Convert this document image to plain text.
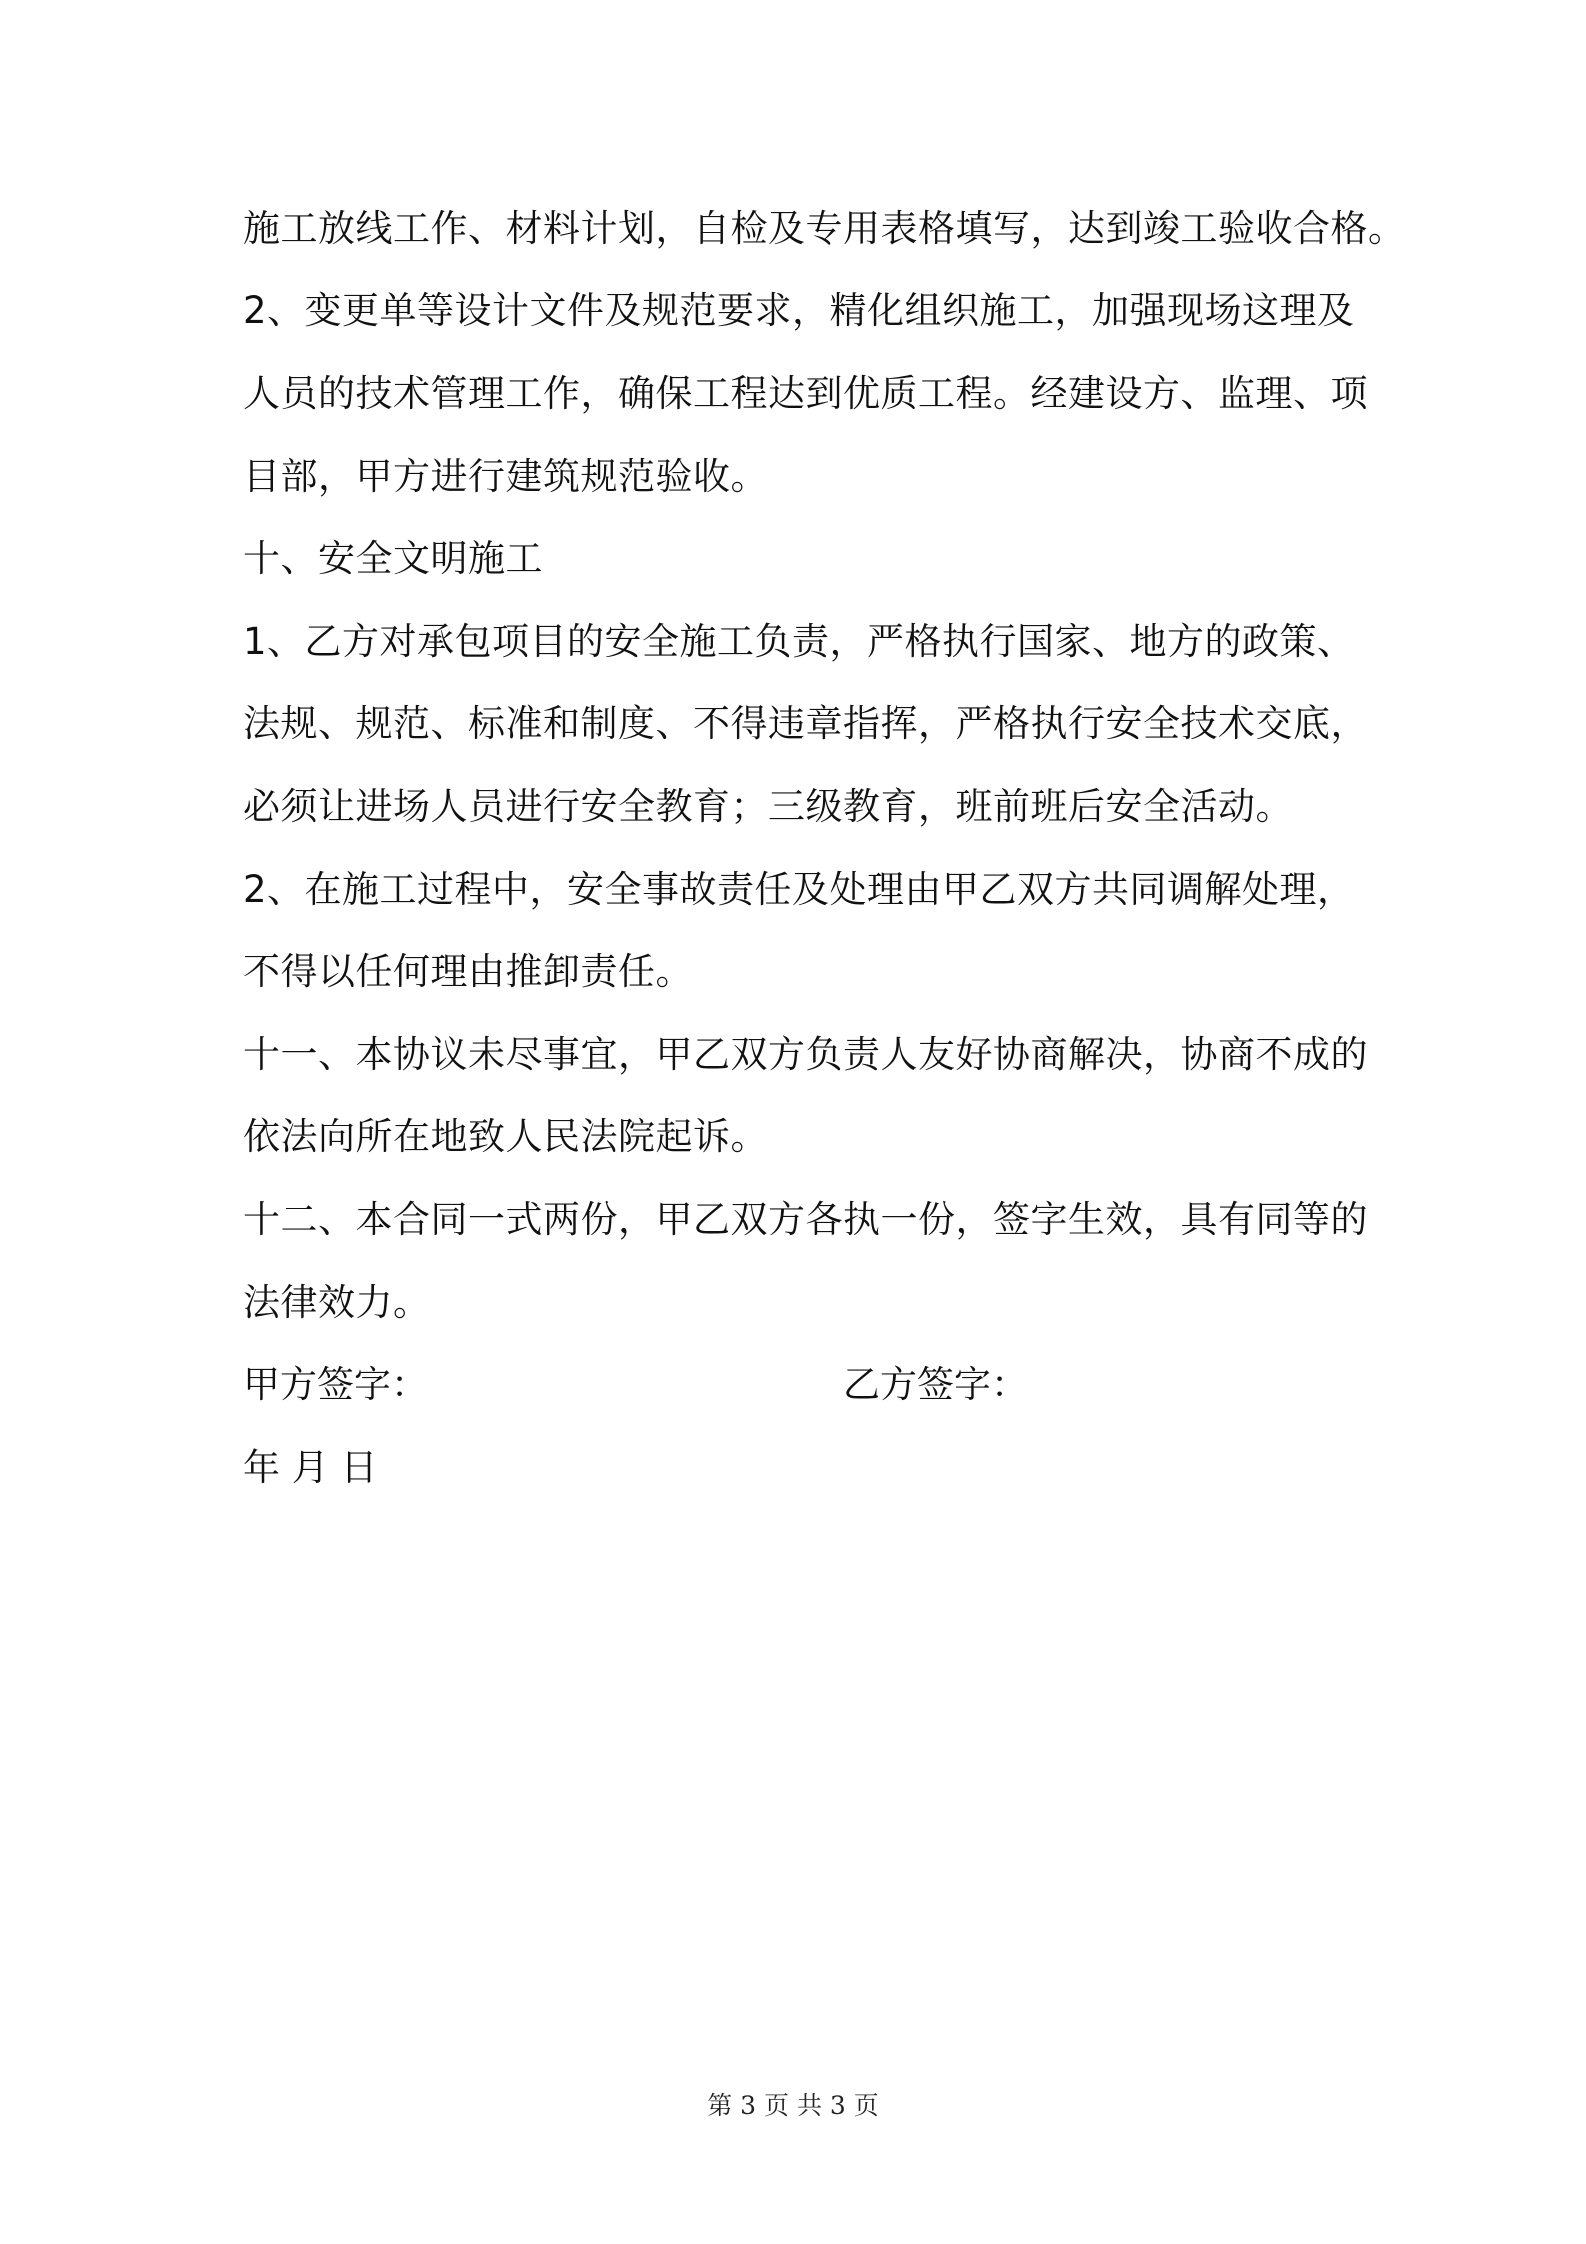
施工放线工作、材料计划，自检及专用表格填写，达到竣工验收合格。
2、变更单等设计文件及规范要求，精化组织施工，加强现场这理及
人员的技术管理工作，确保工程达到优质工程。经建设方、监理、项
目部，甲方进行建筑规范验收。
十、安全文明施工
1、乙方对承包项目的安全施工负责，严格执行国家、地方的政策、
法规、规范、标准和制度、不得违章指挥，严格执行安全技术交底，
必须让进场人员进行安全教育；三级教育，班前班后安全活动。
2、在施工过程中，安全事故责任及处理由甲乙双方共同调解处理，
不得以任何理由推卸责任。
十一、本协议未尽事宜，甲乙双方负责人友好协商解决，协商不成的
依法向所在地致人民法院起诉。
十二、本合同一式两份，甲乙双方各执一份，签字生效，具有同等的
法律效力。
甲方签字：	乙方签字：
年 月 日
第 3 页 共 3 页
